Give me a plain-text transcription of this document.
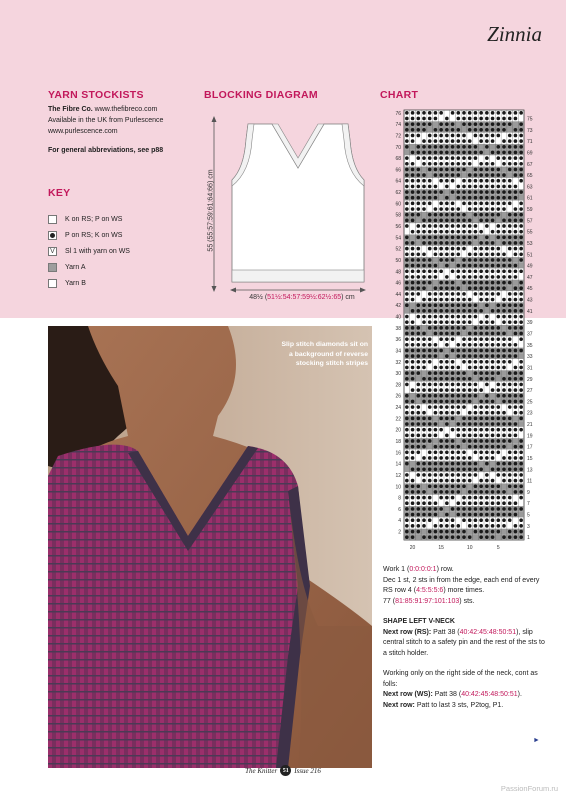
Zinnia
YARN STOCKISTS

The Fibre Co. www.thefibreco.com

Available in the UK from Purlescence

www.purlescence.com

For general abbreviations, see p88

KEY
K on RS; P on WS
P on RS; K on WS
V Sl 1 with yarn on WS
Yarn A
Yarn B
BLOCKING DIAGRAM
55 (55:57:59:61:64:66) cm
48½ (51½:54:57:59½:62½:65) cm
CHART
76
74
72
70
68
66
64
62
60
58
56
54
52
50
48
46
44
42
40
38
36
34
32
30
28
26
24
22
20
18
16
14
12
10
8
6
4
2
75
73
71
69
67
65
63
61
59
57
55
53
51
49
47
45
43
41
39
37
35
33
31
29
27
25
23
21
19
17
15
13
11
9
7
5
3
1
20	15	10	5
Slip stitch diamonds sit on a background of reverse stocking stitch stripes

Work 1 (0:0:0:0:1) row.

Dec 1 st, 2 sts in from the edge, each end of every RS row 4 (4:5:5:5:6) more times.

77 (81:85:91:97:101:103) sts.

SHAPE LEFT V-NECK

Next row (RS): Patt 38 (40:42:45:48:50:51), slip central stitch to a safety pin and the rest of the sts to a stitch holder.

Working only on the right side of the neck, cont as folls:

Next row (WS): Patt 38 (40:42:45:48:50:51).

Next row: Patt to last 3 sts, P2tog, P1.

►
The Knitter 51 Issue 216
PassionForum.ru
